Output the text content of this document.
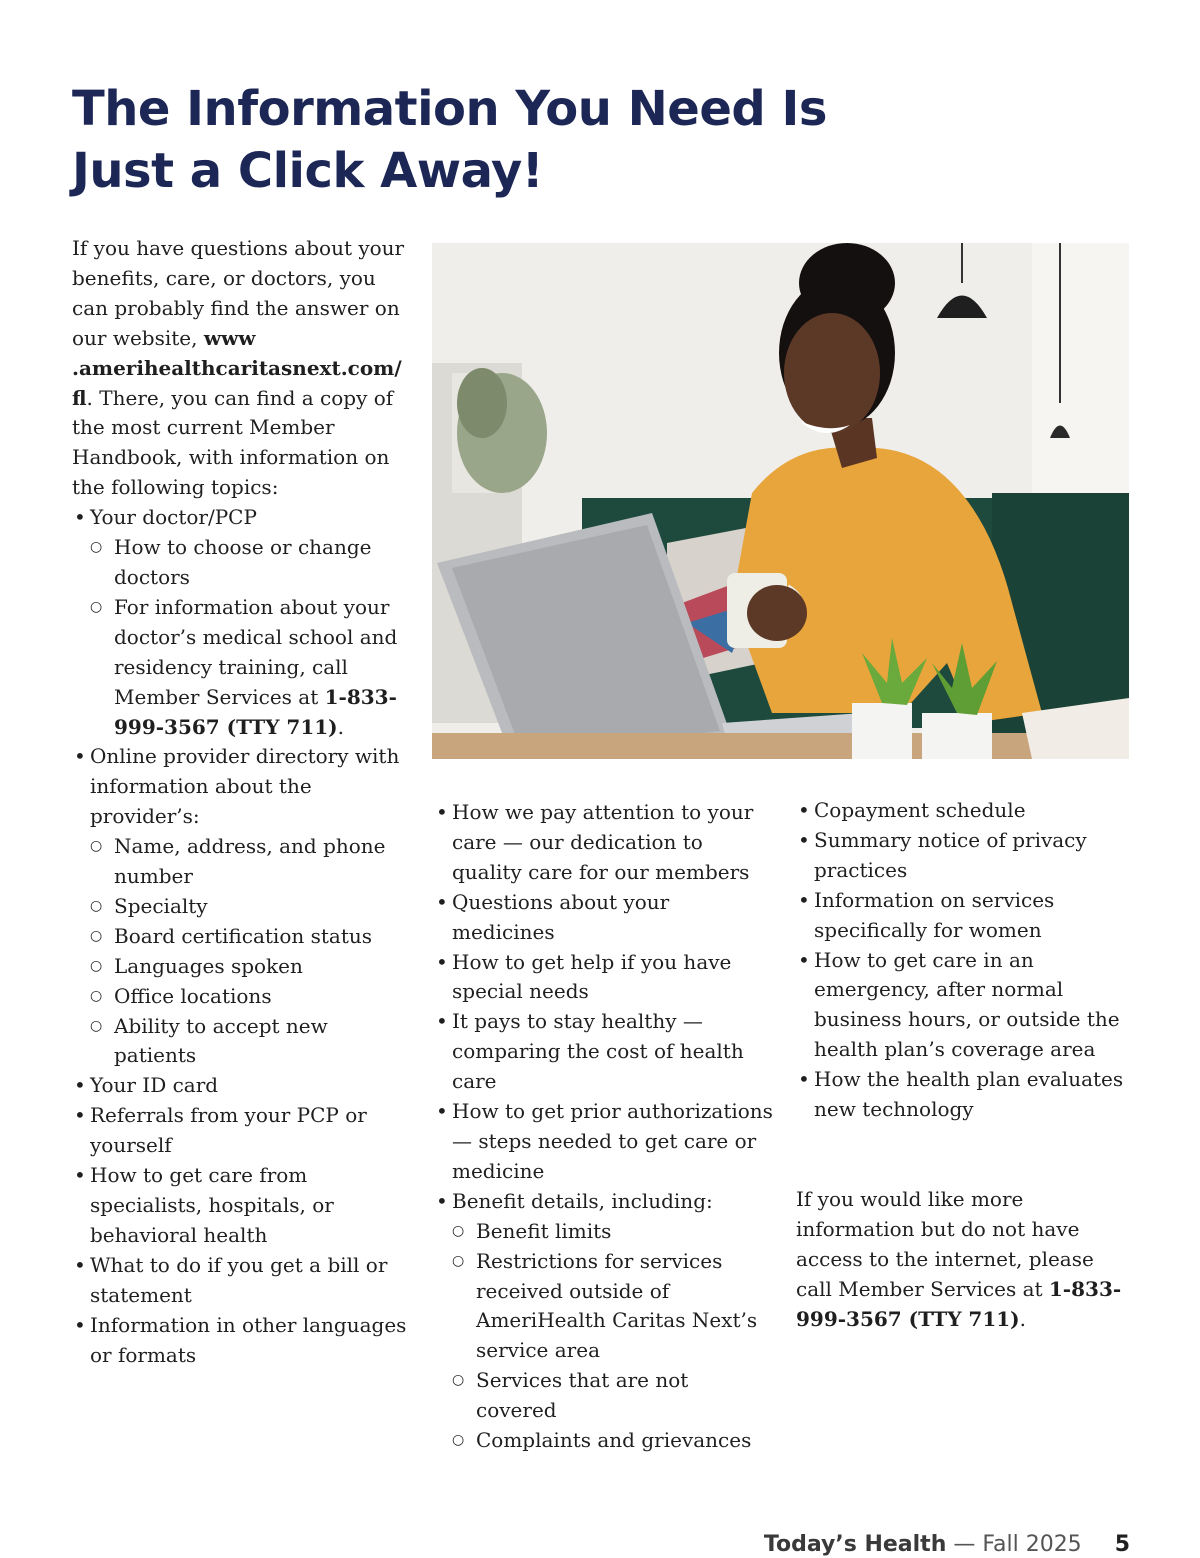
The Information You Need Is
Just a Click Away!

If you have questions about your benefits, care, or doctors, you can probably find the answer on our website, www .amerihealthcaritasnext.com/ fl. There, you can find a copy of the most current Member Handbook, with information on the following topics:

• Your doctor/PCP
○ How to choose or change doctors
○ For information about your doctor’s medical school and residency training, call Member Services at 1-833-999-3567 (TTY 711).
• Online provider directory with information about the provider’s:
○ Name, address, and phone number
○ Specialty
○ Board certification status
○ Languages spoken
○ Office locations
○ Ability to accept new patients
• Your ID card
• Referrals from your PCP or yourself
• How to get care from specialists, hospitals, or behavioral health
• What to do if you get a bill or statement
• Information in other languages or formats
• How we pay attention to your care — our dedication to quality care for our members
• Questions about your medicines
• How to get help if you have special needs
• It pays to stay healthy — comparing the cost of health care
• How to get prior authorizations — steps needed to get care or medicine
• Benefit details, including:
○ Benefit limits
○ Restrictions for services received outside of AmeriHealth Caritas Next’s service area
○ Services that are not covered
○ Complaints and grievances
• Copayment schedule
• Summary notice of privacy practices
• Information on services specifically for women
• How to get care in an emergency, after normal business hours, or outside the health plan’s coverage area
• How the health plan evaluates new technology

If you would like more information but do not have access to the internet, please call Member Services at 1-833-999-3567 (TTY 711).

Today’s Health — Fall 2025 5
